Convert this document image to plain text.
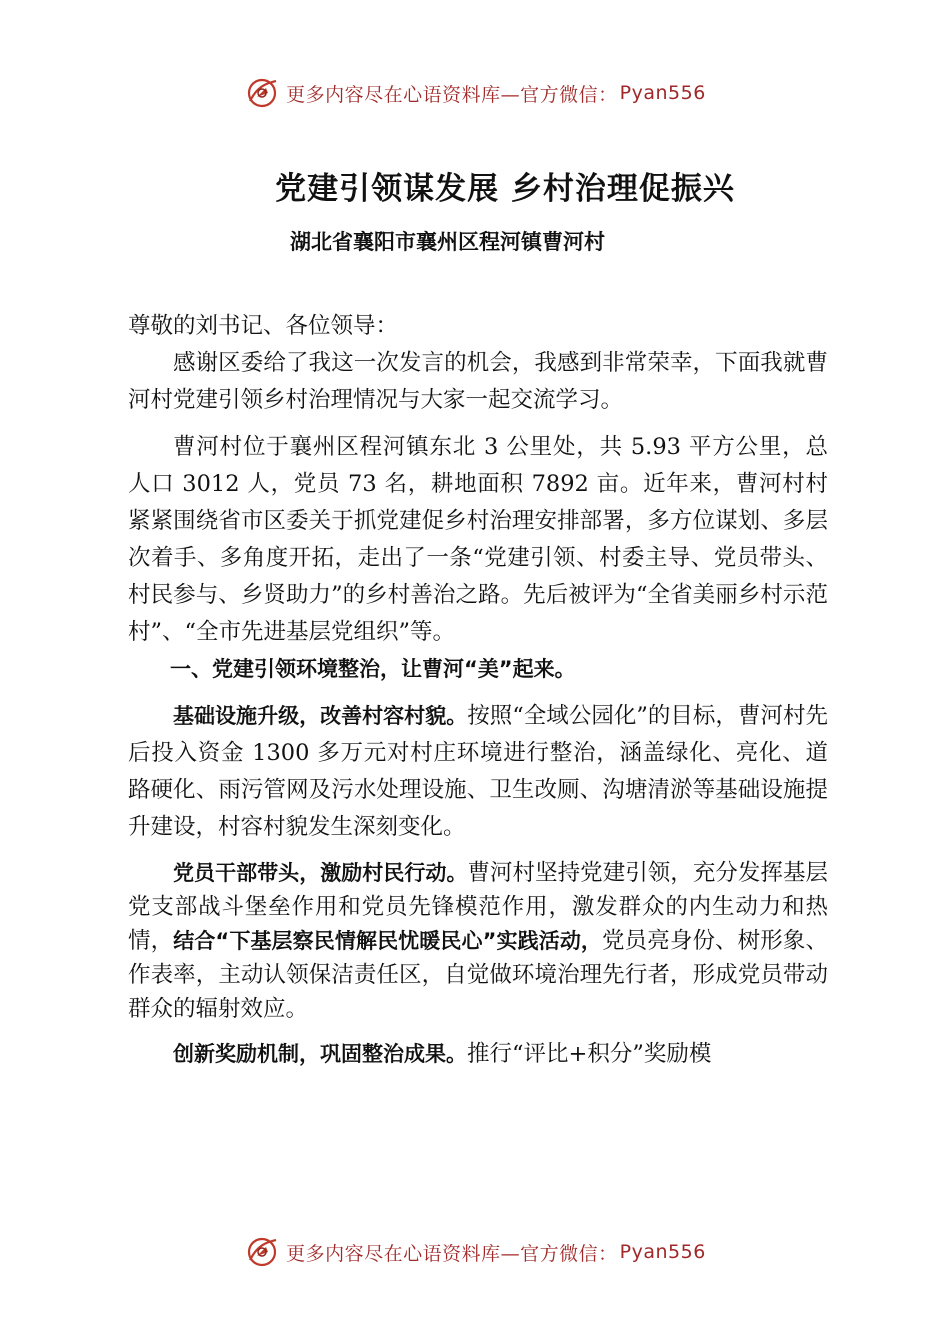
更多内容尽在心语资料库—官方微信： Pyan556
党建引领谋发展 乡村治理促振兴
湖北省襄阳市襄州区程河镇曹河村

尊敬的刘书记、各位领导：

感谢区委给了我这一次发言的机会，我感到非常荣幸，下面我就曹河村党建引领乡村治理情况与大家一起交流学习。

曹河村位于襄州区程河镇东北 3 公里处，共 5.93 平方公里，总人口 3012 人，党员 73 名，耕地面积 7892 亩。近年来，曹河村村紧紧围绕省市区委关于抓党建促乡村治理安排部署，多方位谋划、多层次着手、多角度开拓，走出了一条“党建引领、村委主导、党员带头、村民参与、乡贤助力”的乡村善治之路。先后被评为“全省美丽乡村示范村”、“全市先进基层党组织”等。

一、党建引领环境整治，让曹河“美”起来。

基础设施升级，改善村容村貌。按照“全域公园化”的目标，曹河村先后投入资金 1300 多万元对村庄环境进行整治，涵盖绿化、亮化、道路硬化、雨污管网及污水处理设施、卫生改厕、沟塘清淤等基础设施提升建设，村容村貌发生深刻变化。

党员干部带头，激励村民行动。曹河村坚持党建引领，充分发挥基层党支部战斗堡垒作用和党员先锋模范作用，激发群众的内生动力和热情，结合“下基层察民情解民忧暖民心”实践活动，党员亮身份、树形象、作表率，主动认领保洁责任区，自觉做环境治理先行者，形成党员带动群众的辐射效应。

创新奖励机制，巩固整治成果。推行“评比+积分”奖励模

更多内容尽在心语资料库—官方微信： Pyan556
